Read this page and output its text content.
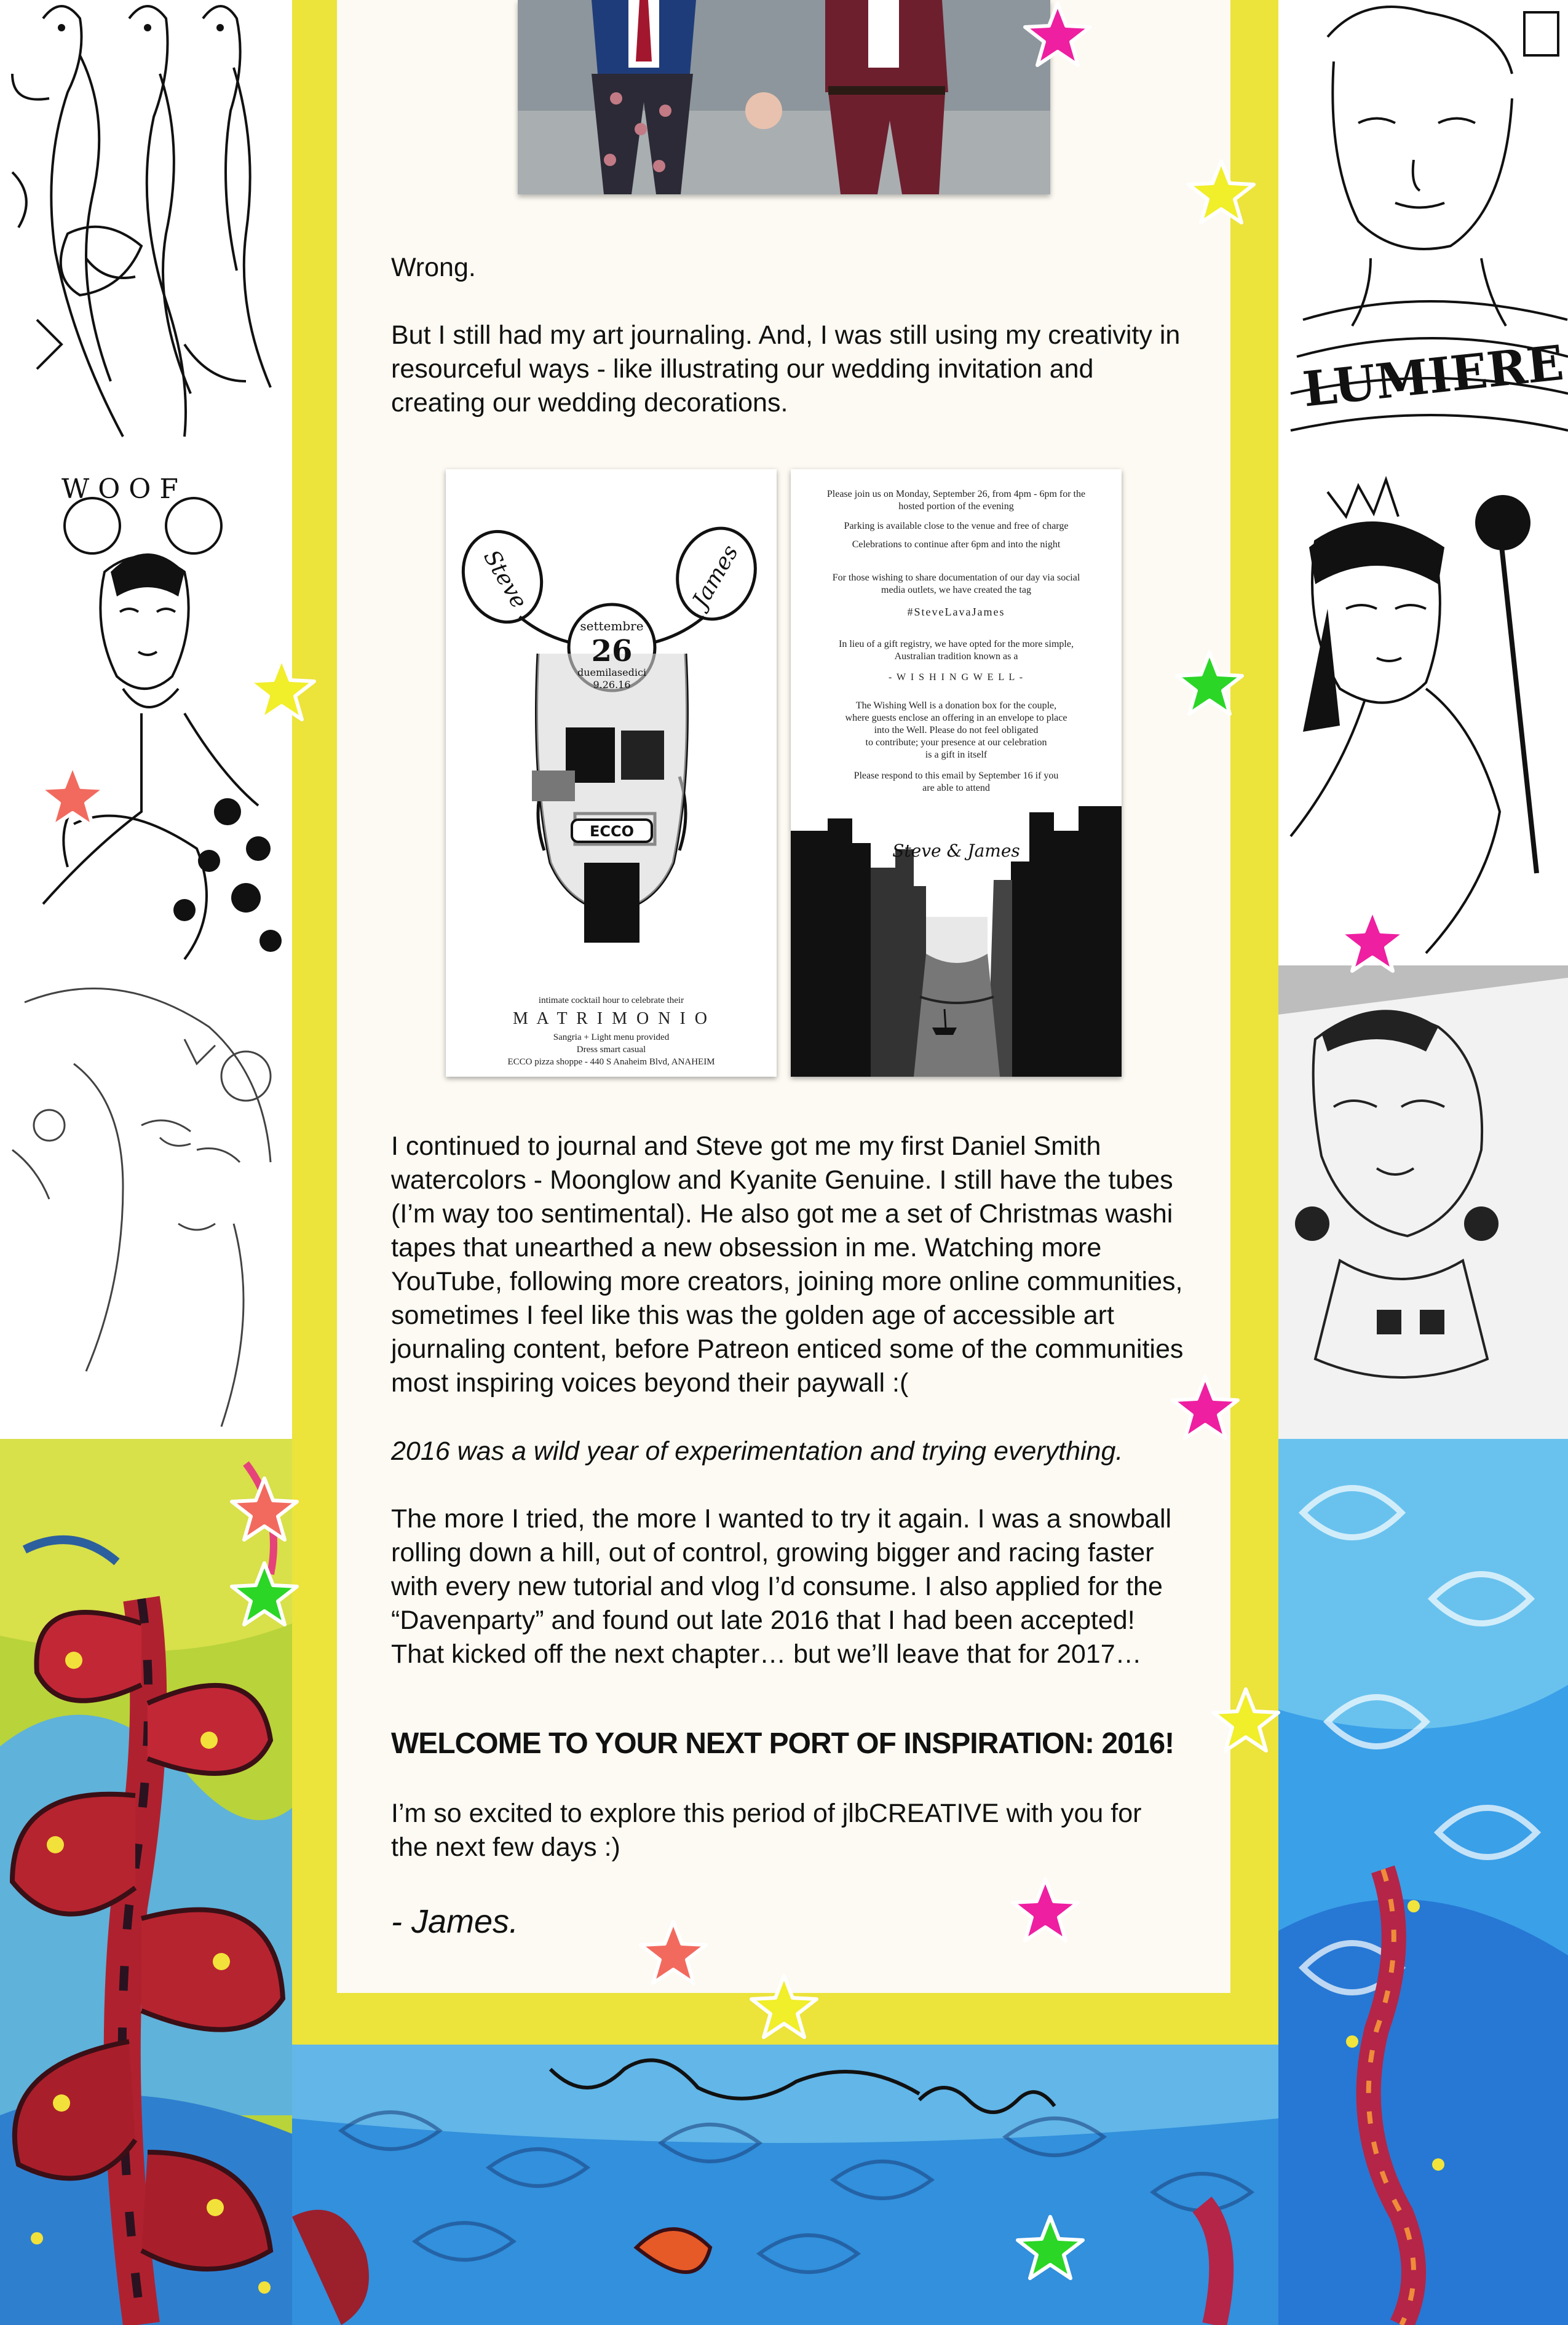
W O O F
LUMIERE

Wrong.

But I still had my art journaling. And, I was still using my creativity in resourceful ways - like illustrating our wedding invitation and creating our wedding decorations.

Steve	James
settembre
26
duemilasedici
9.26.16
ECCO

intimate cocktail hour to celebrate their

M A T R I M O N I O

Sangria + Light menu provided

Dress smart casual

ECCO pizza shoppe - 440 S Anaheim Blvd, ANAHEIM

Please join us on Monday, September 26, from 4pm - 6pm for the

hosted portion of the evening

Parking is available close to the venue and free of charge

Celebrations to continue after 6pm and into the night

For those wishing to share documentation of our day via social

media outlets, we have created the tag

#SteveLavaJames

In lieu of a gift registry, we have opted for the more simple,

Australian tradition known as a

- W I S H I N G W E L L -

The Wishing Well is a donation box for the couple,

where guests enclose an offering in an envelope to place

into the Well. Please do not feel obligated

to contribute; your presence at our celebration

is a gift in itself

Please respond to this email by September 16 if you

are able to attend

Steve & James

I continued to journal and Steve got me my first Daniel Smith watercolors - Moonglow and Kyanite Genuine. I still have the tubes (I’m way too sentimental). He also got me a set of Christmas washi tapes that unearthed a new obsession in me. Watching more YouTube, following more creators, joining more online communities, sometimes I feel like this was the golden age of accessible art journaling content, before Patreon enticed some of the communities most inspiring voices beyond their paywall :(

2016 was a wild year of experimentation and trying everything.

The more I tried, the more I wanted to try it again. I was a snowball rolling down a hill, out of control, growing bigger and racing faster with every new tutorial and vlog I’d consume. I also applied for the “Davenparty” and found out late 2016 that I had been accepted! That kicked off the next chapter… but we’ll leave that for 2017…

WELCOME TO YOUR NEXT PORT OF INSPIRATION: 2016!

I’m so excited to explore this period of jlbCREATIVE with you for the next few days :)

- James.
